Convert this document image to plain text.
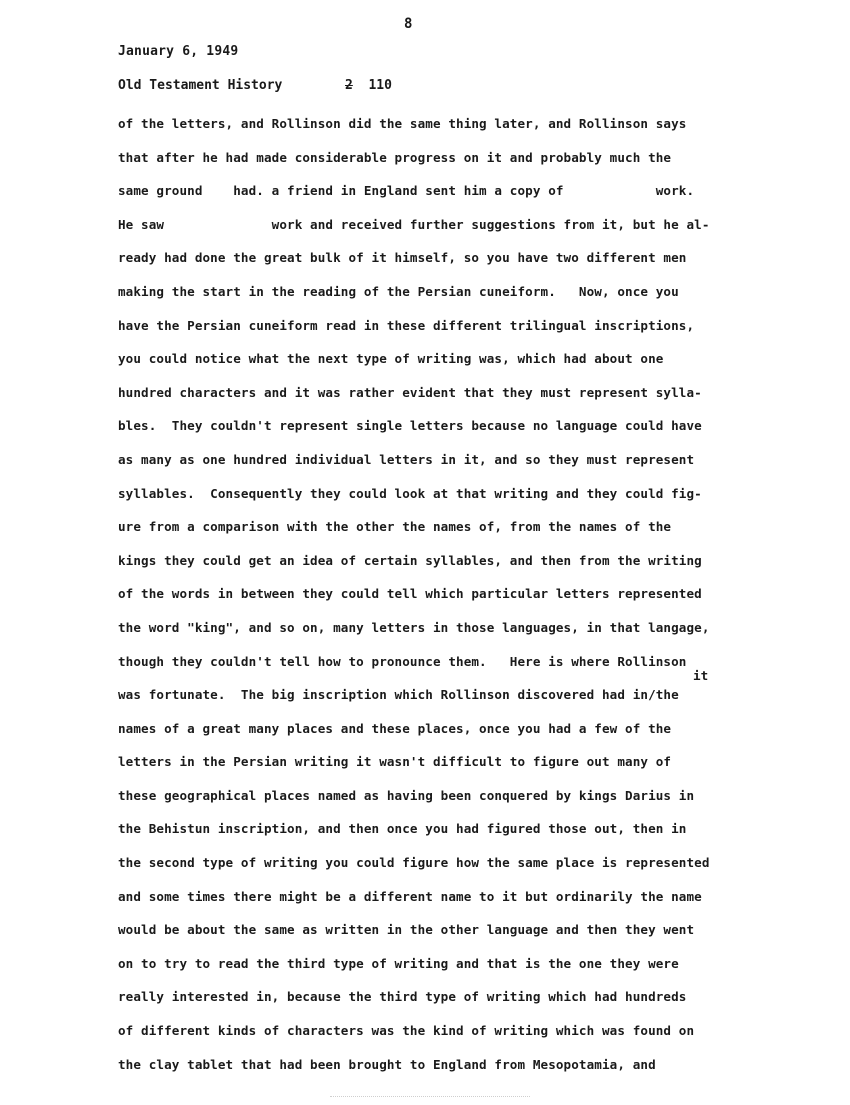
8
January 6, 1949
Old Testament History	2 110
of the letters, and Rollinson did the same thing later, and Rollinson says
that after he had made considerable progress on it and probably much the
same ground    had. a friend in England sent him a copy of            work.
He saw              work and received further suggestions from it, but he al-
ready had done the great bulk of it himself, so you have two different men
making the start in the reading of the Persian cuneiform.   Now, once you
have the Persian cuneiform read in these different trilingual inscriptions,
you could notice what the next type of writing was, which had about one
hundred characters and it was rather evident that they must represent sylla-
bles.  They couldn't represent single letters because no language could have
as many as one hundred individual letters in it, and so they must represent
syllables.  Consequently they could look at that writing and they could fig-
ure from a comparison with the other the names of, from the names of the
kings they could get an idea of certain syllables, and then from the writing
of the words in between they could tell which particular letters represented
the word "king", and so on, many letters in those languages, in that langage,
though they couldn't tell how to pronounce them.   Here is where Rollinson
was fortunate.  The big inscription which Rollinson discovered had in/the
names of a great many places and these places, once you had a few of the
letters in the Persian writing it wasn't difficult to figure out many of
these geographical places named as having been conquered by kings Darius in
the Behistun inscription, and then once you had figured those out, then in
the second type of writing you could figure how the same place is represented
and some times there might be a different name to it but ordinarily the name
would be about the same as written in the other language and then they went
on to try to read the third type of writing and that is the one they were
really interested in, because the third type of writing which had hundreds
of different kinds of characters was the kind of writing which was found on
the clay tablet that had been brought to England from Mesopotamia, and
it
